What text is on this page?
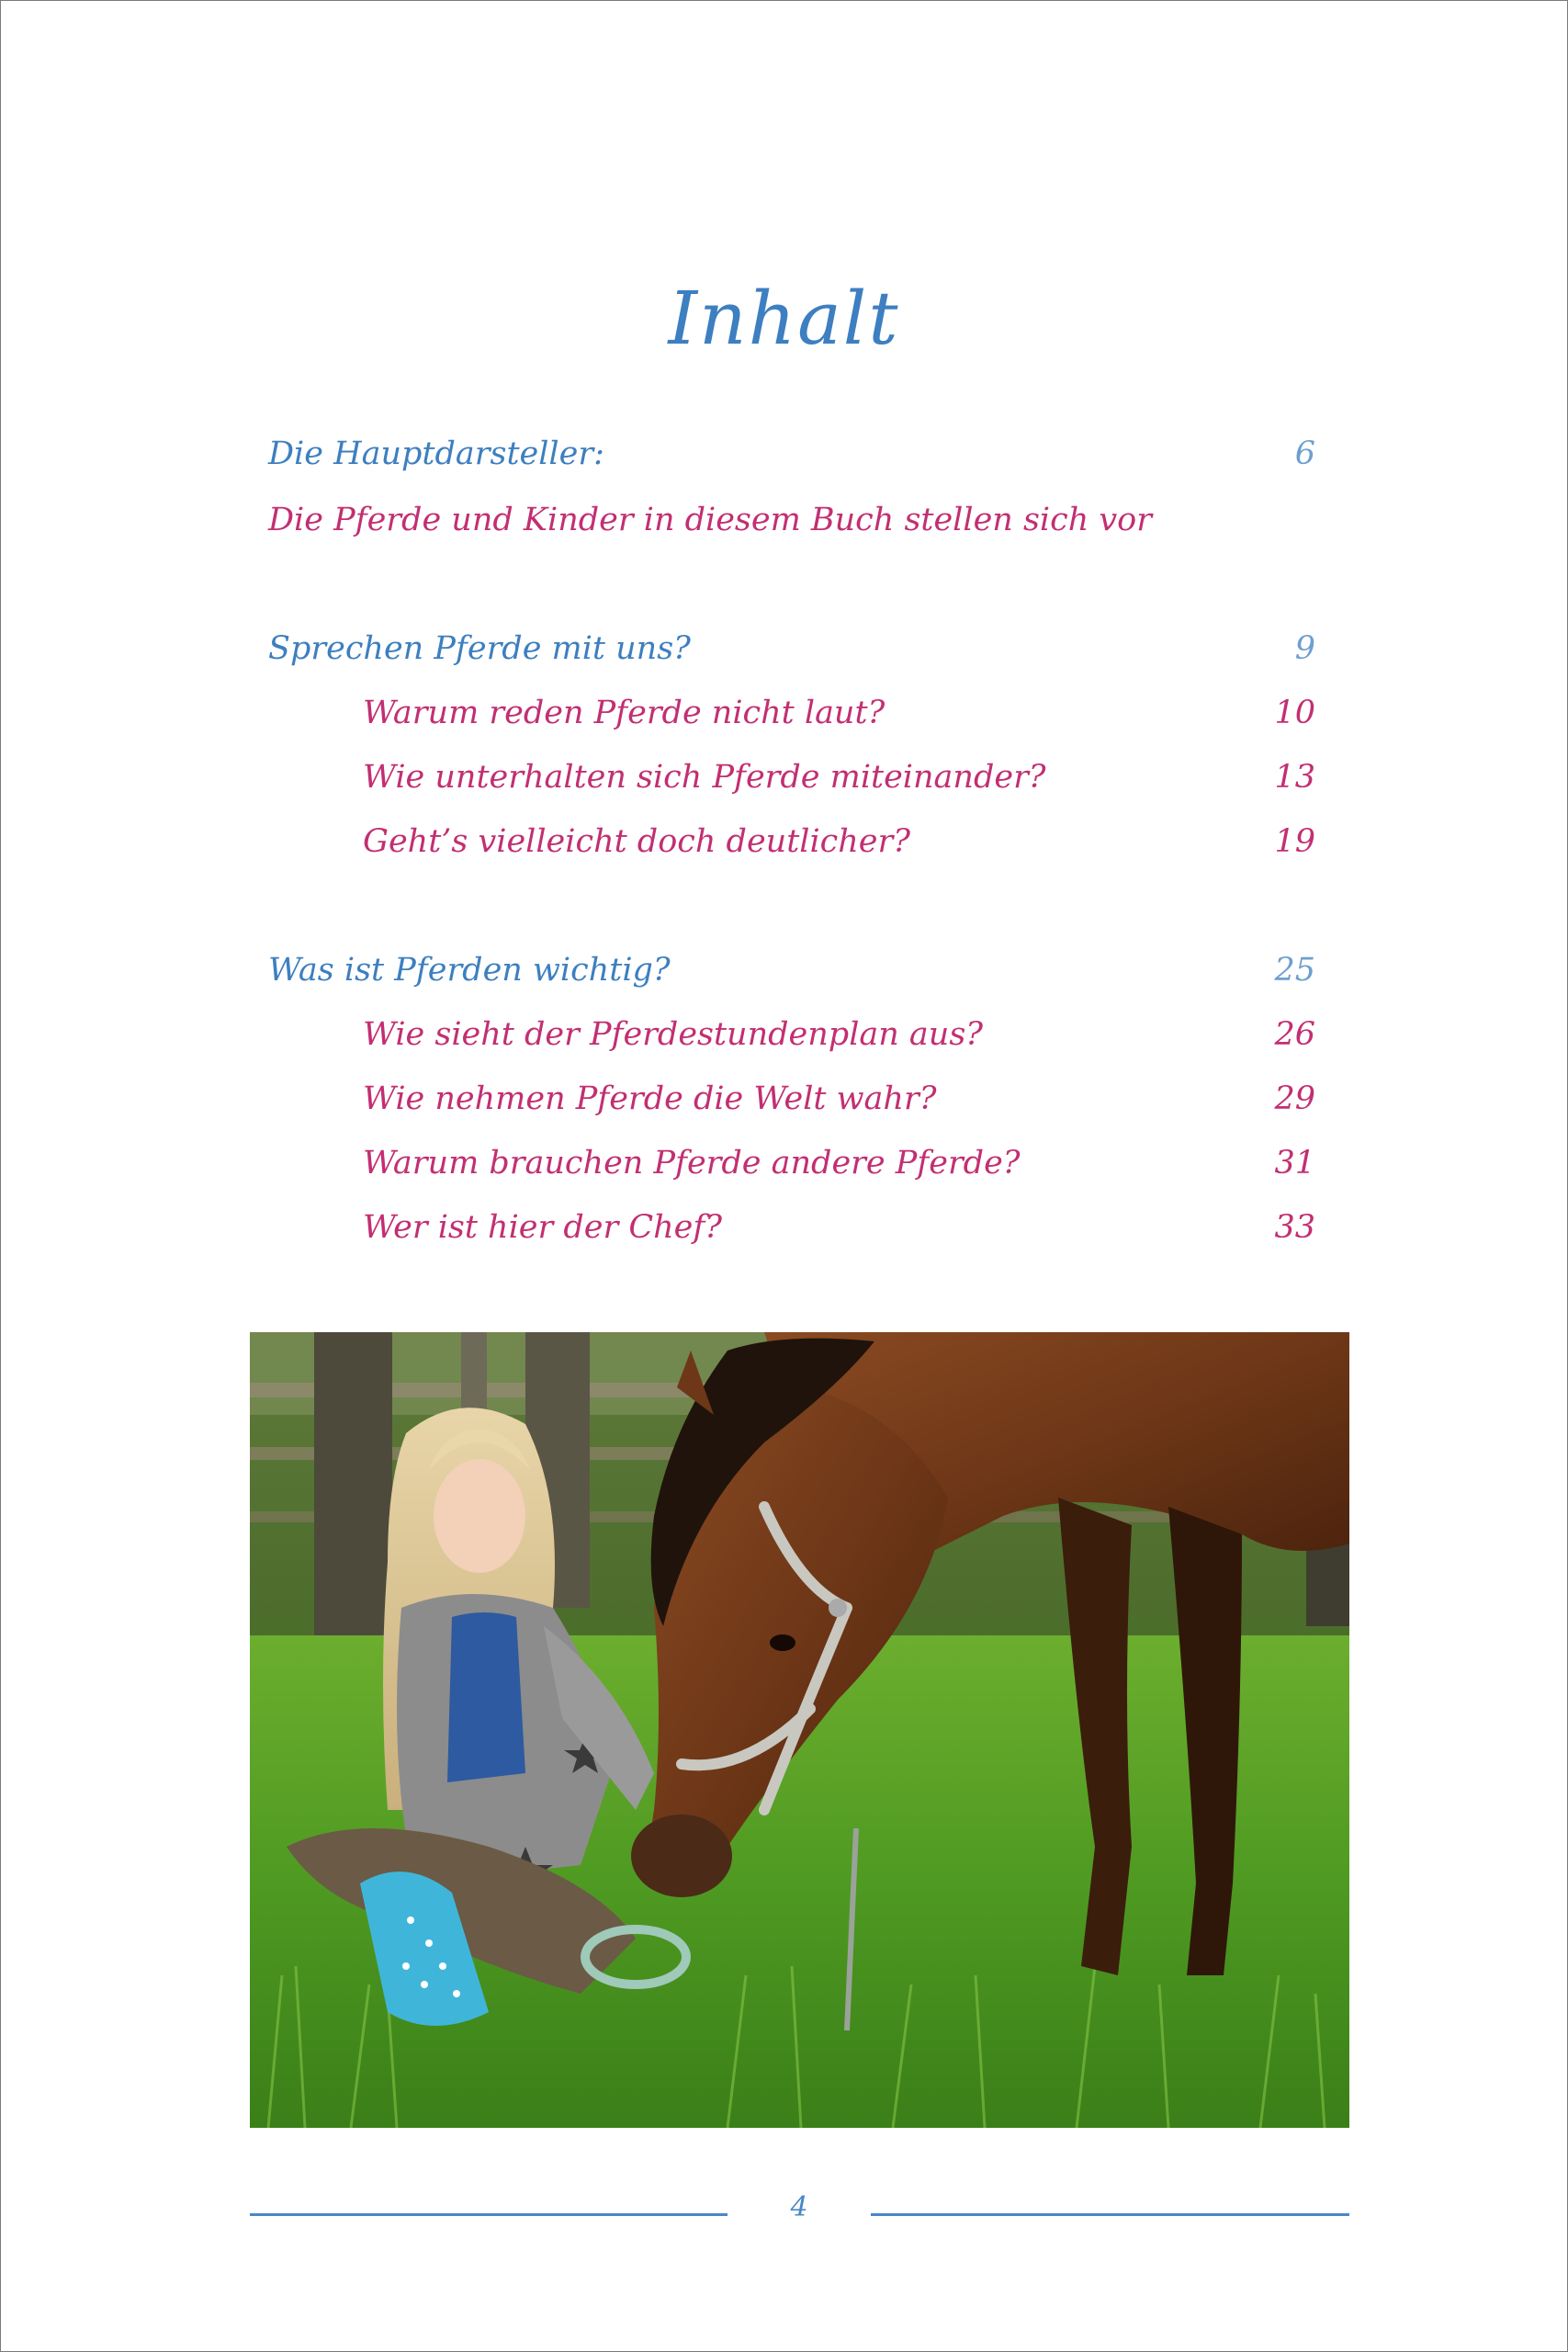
Inhalt
Die Hauptdarsteller:	6
Die Pferde und Kinder in diesem Buch stellen sich vor
Sprechen Pferde mit uns?	9
Warum reden Pferde nicht laut?	10
Wie unterhalten sich Pferde miteinander?	13
Geht’s vielleicht doch deutlicher?	19
Was ist Pferden wichtig?	25
Wie sieht der Pferdestundenplan aus?	26
Wie nehmen Pferde die Welt wahr?	29
Warum brauchen Pferde andere Pferde?	31
Wer ist hier der Chef?	33
4
